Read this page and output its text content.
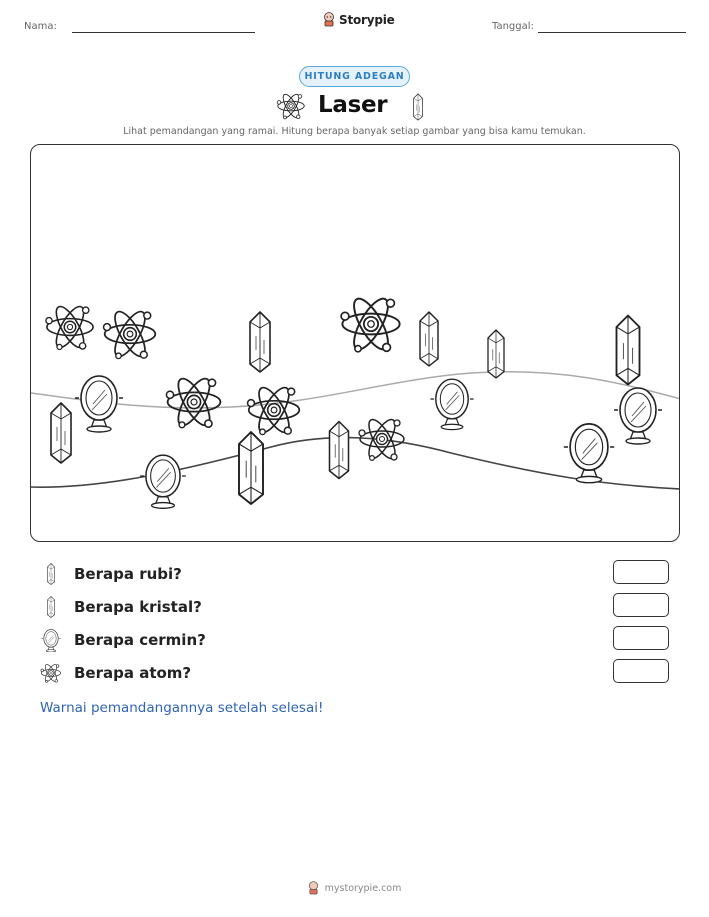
Nama:	Storypie	Tanggal:
HITUNG ADEGAN
Laser
Lihat pemandangan yang ramai. Hitung berapa banyak setiap gambar yang bisa kamu temukan.
Berapa rubi?
Berapa kristal?
Berapa cermin?
Berapa atom?
Warnai pemandangannya setelah selesai!
mystorypie.com
